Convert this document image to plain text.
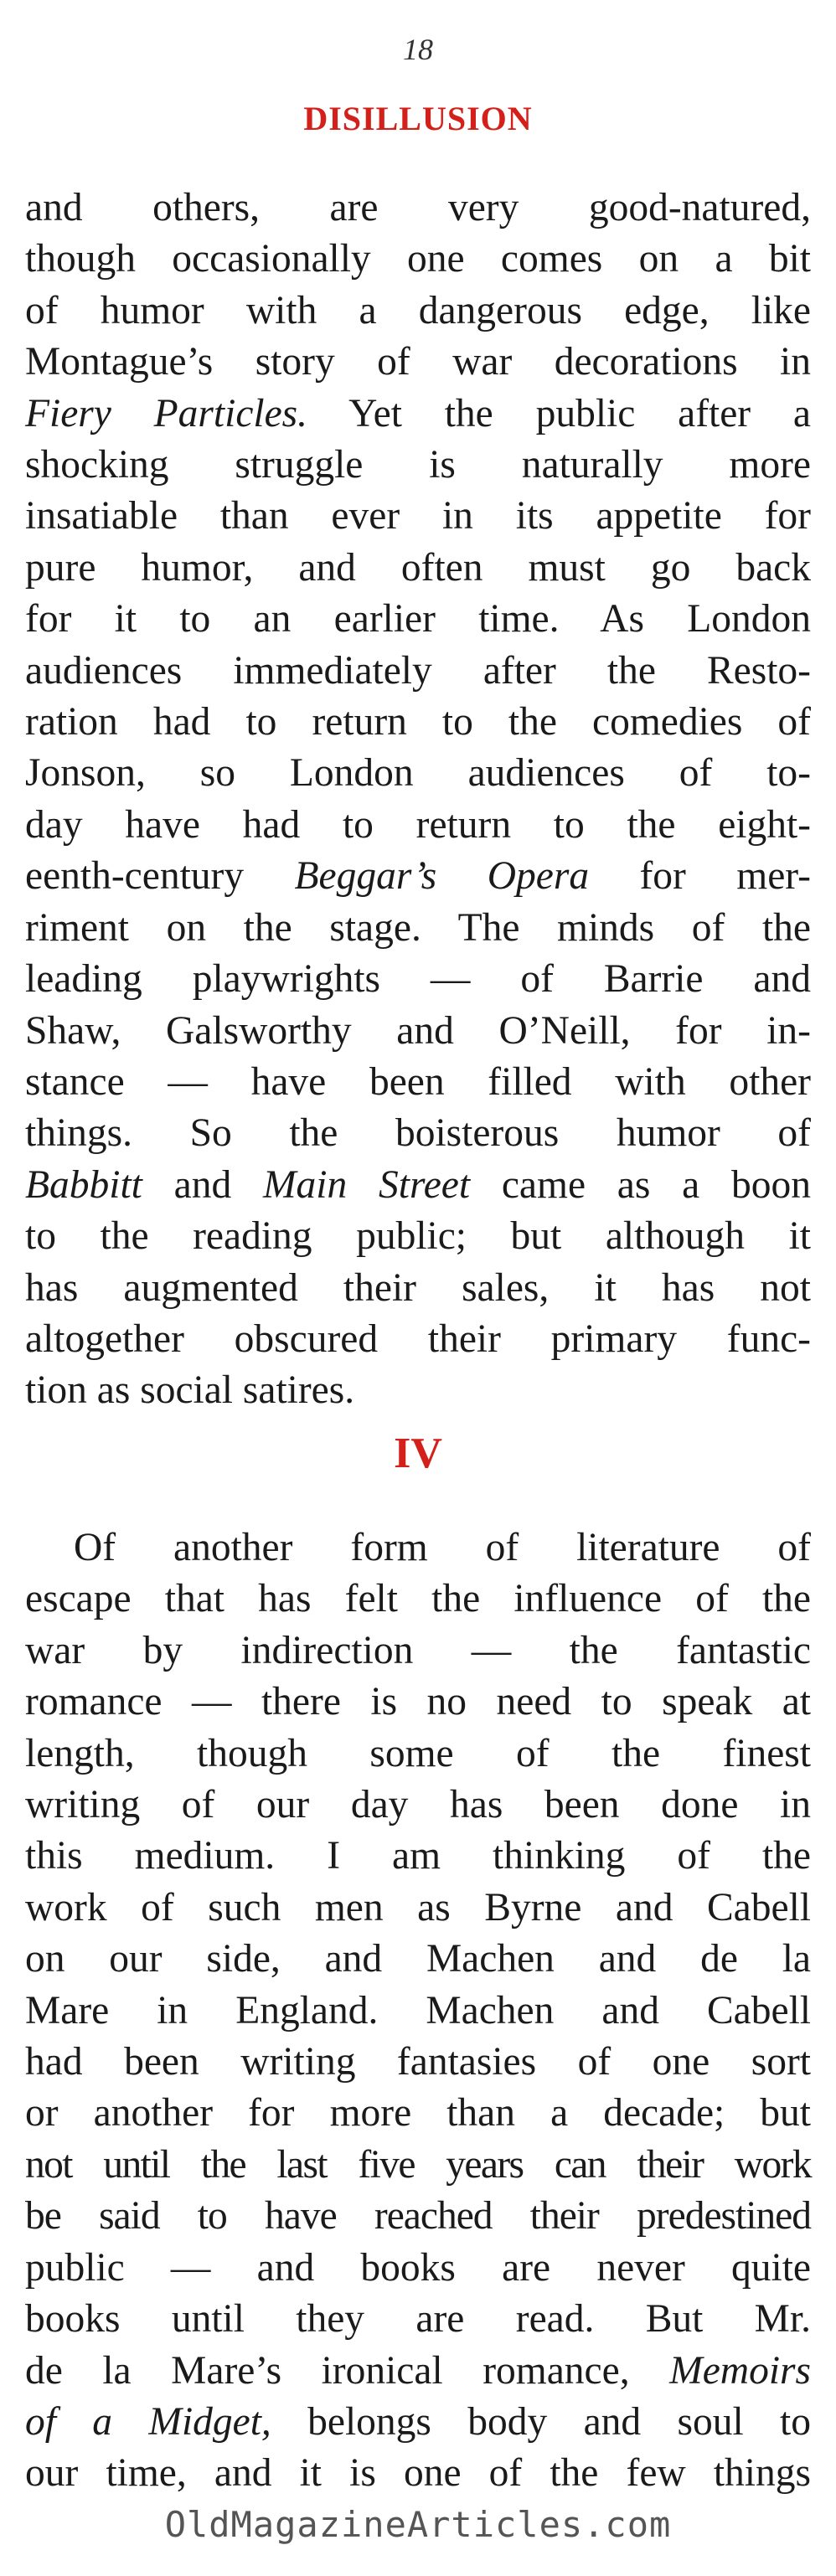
18
DISILLUSION
and others, are very good-natured,
though occasionally one comes on a bit
of humor with a dangerous edge, like
Montague’s story of war decorations in
Fiery Particles. Yet the public after a
shocking struggle is naturally more
insatiable than ever in its appetite for
pure humor, and often must go back
for it to an earlier time. As London
audiences immediately after the Resto-
ration had to return to the comedies of
Jonson, so London audiences of to-
day have had to return to the eight-
eenth-century Beggar’s Opera for mer-
riment on the stage. The minds of the
leading playwrights — of Barrie and
Shaw, Galsworthy and O’Neill, for in-
stance — have been filled with other
things. So the boisterous humor of
Babbitt and Main Street came as a boon
to the reading public; but although it
has augmented their sales, it has not
altogether obscured their primary func-
tion as social satires.
IV
Of another form of literature of
escape that has felt the influence of the
war by indirection — the fantastic
romance — there is no need to speak at
length, though some of the finest
writing of our day has been done in
this medium. I am thinking of the
work of such men as Byrne and Cabell
on our side, and Machen and de la
Mare in England. Machen and Cabell
had been writing fantasies of one sort
or another for more than a decade; but
not until the last five years can their work
be said to have reached their predestined
public — and books are never quite
books until they are read. But Mr.
de la Mare’s ironical romance, Memoirs
of a Midget, belongs body and soul to
our time, and it is one of the few things
OldMagazineArticles.com
